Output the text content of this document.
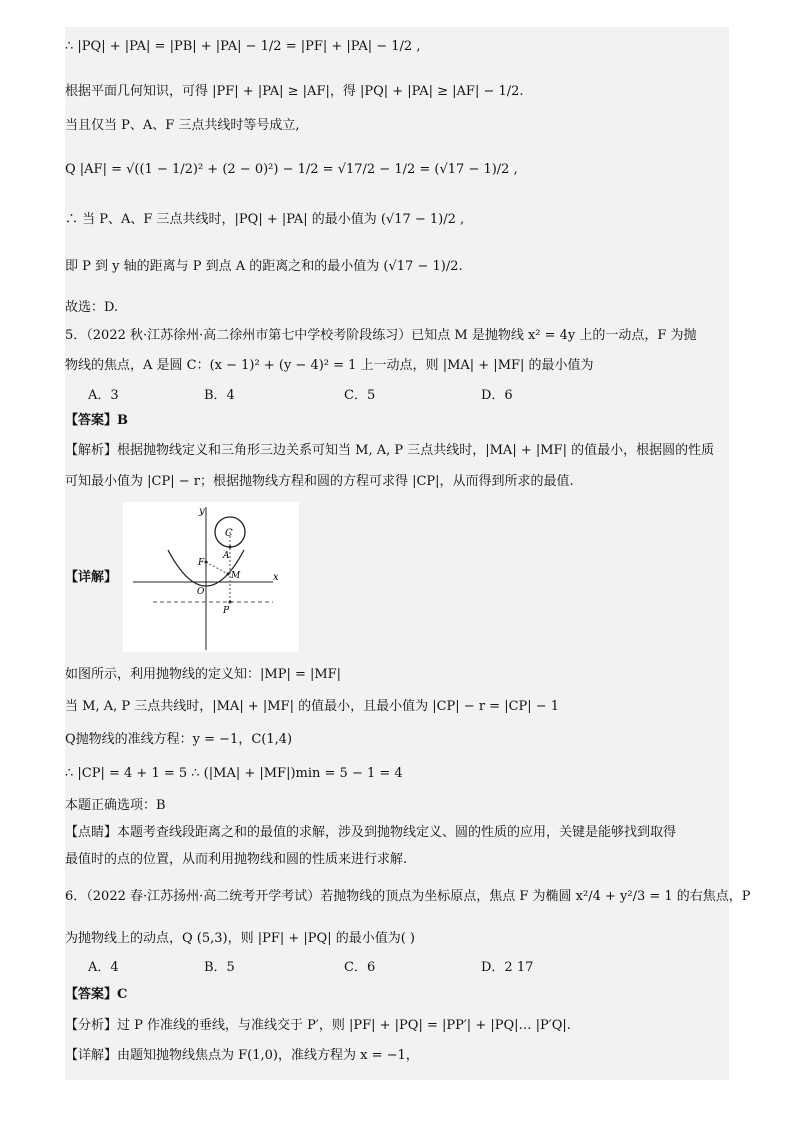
∴ |PQ| + |PA| = |PB| + |PA| − 1/2 = |PF| + |PA| − 1/2 ,
根据平面几何知识，可得 |PF| + |PA| ≥ |AF|，得 |PQ| + |PA| ≥ |AF| − 1/2.
当且仅当 P、A、F 三点共线时等号成立,
Q |AF| = √((1 − 1/2)² + (2 − 0)²) − 1/2 = √17/2 − 1/2 = (√17 − 1)/2 ,
∴ 当 P、A、F 三点共线时，|PQ| + |PA| 的最小值为 (√17 − 1)/2 ,
即 P 到 y 轴的距离与 P 到点 A 的距离之和的最小值为 (√17 − 1)/2.
故选：D.
5．（2022 秋·江苏徐州·高二徐州市第七中学校考阶段练习）已知点 M 是抛物线 x² = 4y 上的一动点，F 为抛
物线的焦点，A 是圆 C：(x − 1)² + (y − 4)² = 1 上一动点，则 |MA| + |MF| 的最小值为
A．3	B．4	C．5	D．6
【答案】B
【解析】根据抛物线定义和三角形三边关系可知当 M, A, P 三点共线时，|MA| + |MF| 的值最小，根据圆的性质
可知最小值为 |CP| − r；根据抛物线方程和圆的方程可求得 |CP|，从而得到所求的最值.
【详解】
y
x
C
A
F
M
O
P
如图所示，利用抛物线的定义知：|MP| = |MF|
当 M, A, P 三点共线时，|MA| + |MF| 的值最小，且最小值为 |CP| − r = |CP| − 1
Q抛物线的准线方程：y = −1，C(1,4)
∴ |CP| = 4 + 1 = 5 ∴ (|MA| + |MF|)min = 5 − 1 = 4
本题正确选项：B
【点睛】本题考查线段距离之和的最值的求解，涉及到抛物线定义、圆的性质的应用，关键是能够找到取得
最值时的点的位置，从而利用抛物线和圆的性质来进行求解.
6．（2022 春·江苏扬州·高二统考开学考试）若抛物线的顶点为坐标原点，焦点 F 为椭圆 x²/4 + y²/3 = 1 的右焦点，P
为抛物线上的动点，Q (5,3)，则 |PF| + |PQ| 的最小值为( )
A．4	B．5	C．6	D．2 17
【答案】C
【分析】过 P 作准线的垂线，与准线交于 P′，则 |PF| + |PQ| = |PP′| + |PQ|… |P′Q|.
【详解】由题知抛物线焦点为 F(1,0)，准线方程为 x = −1，
